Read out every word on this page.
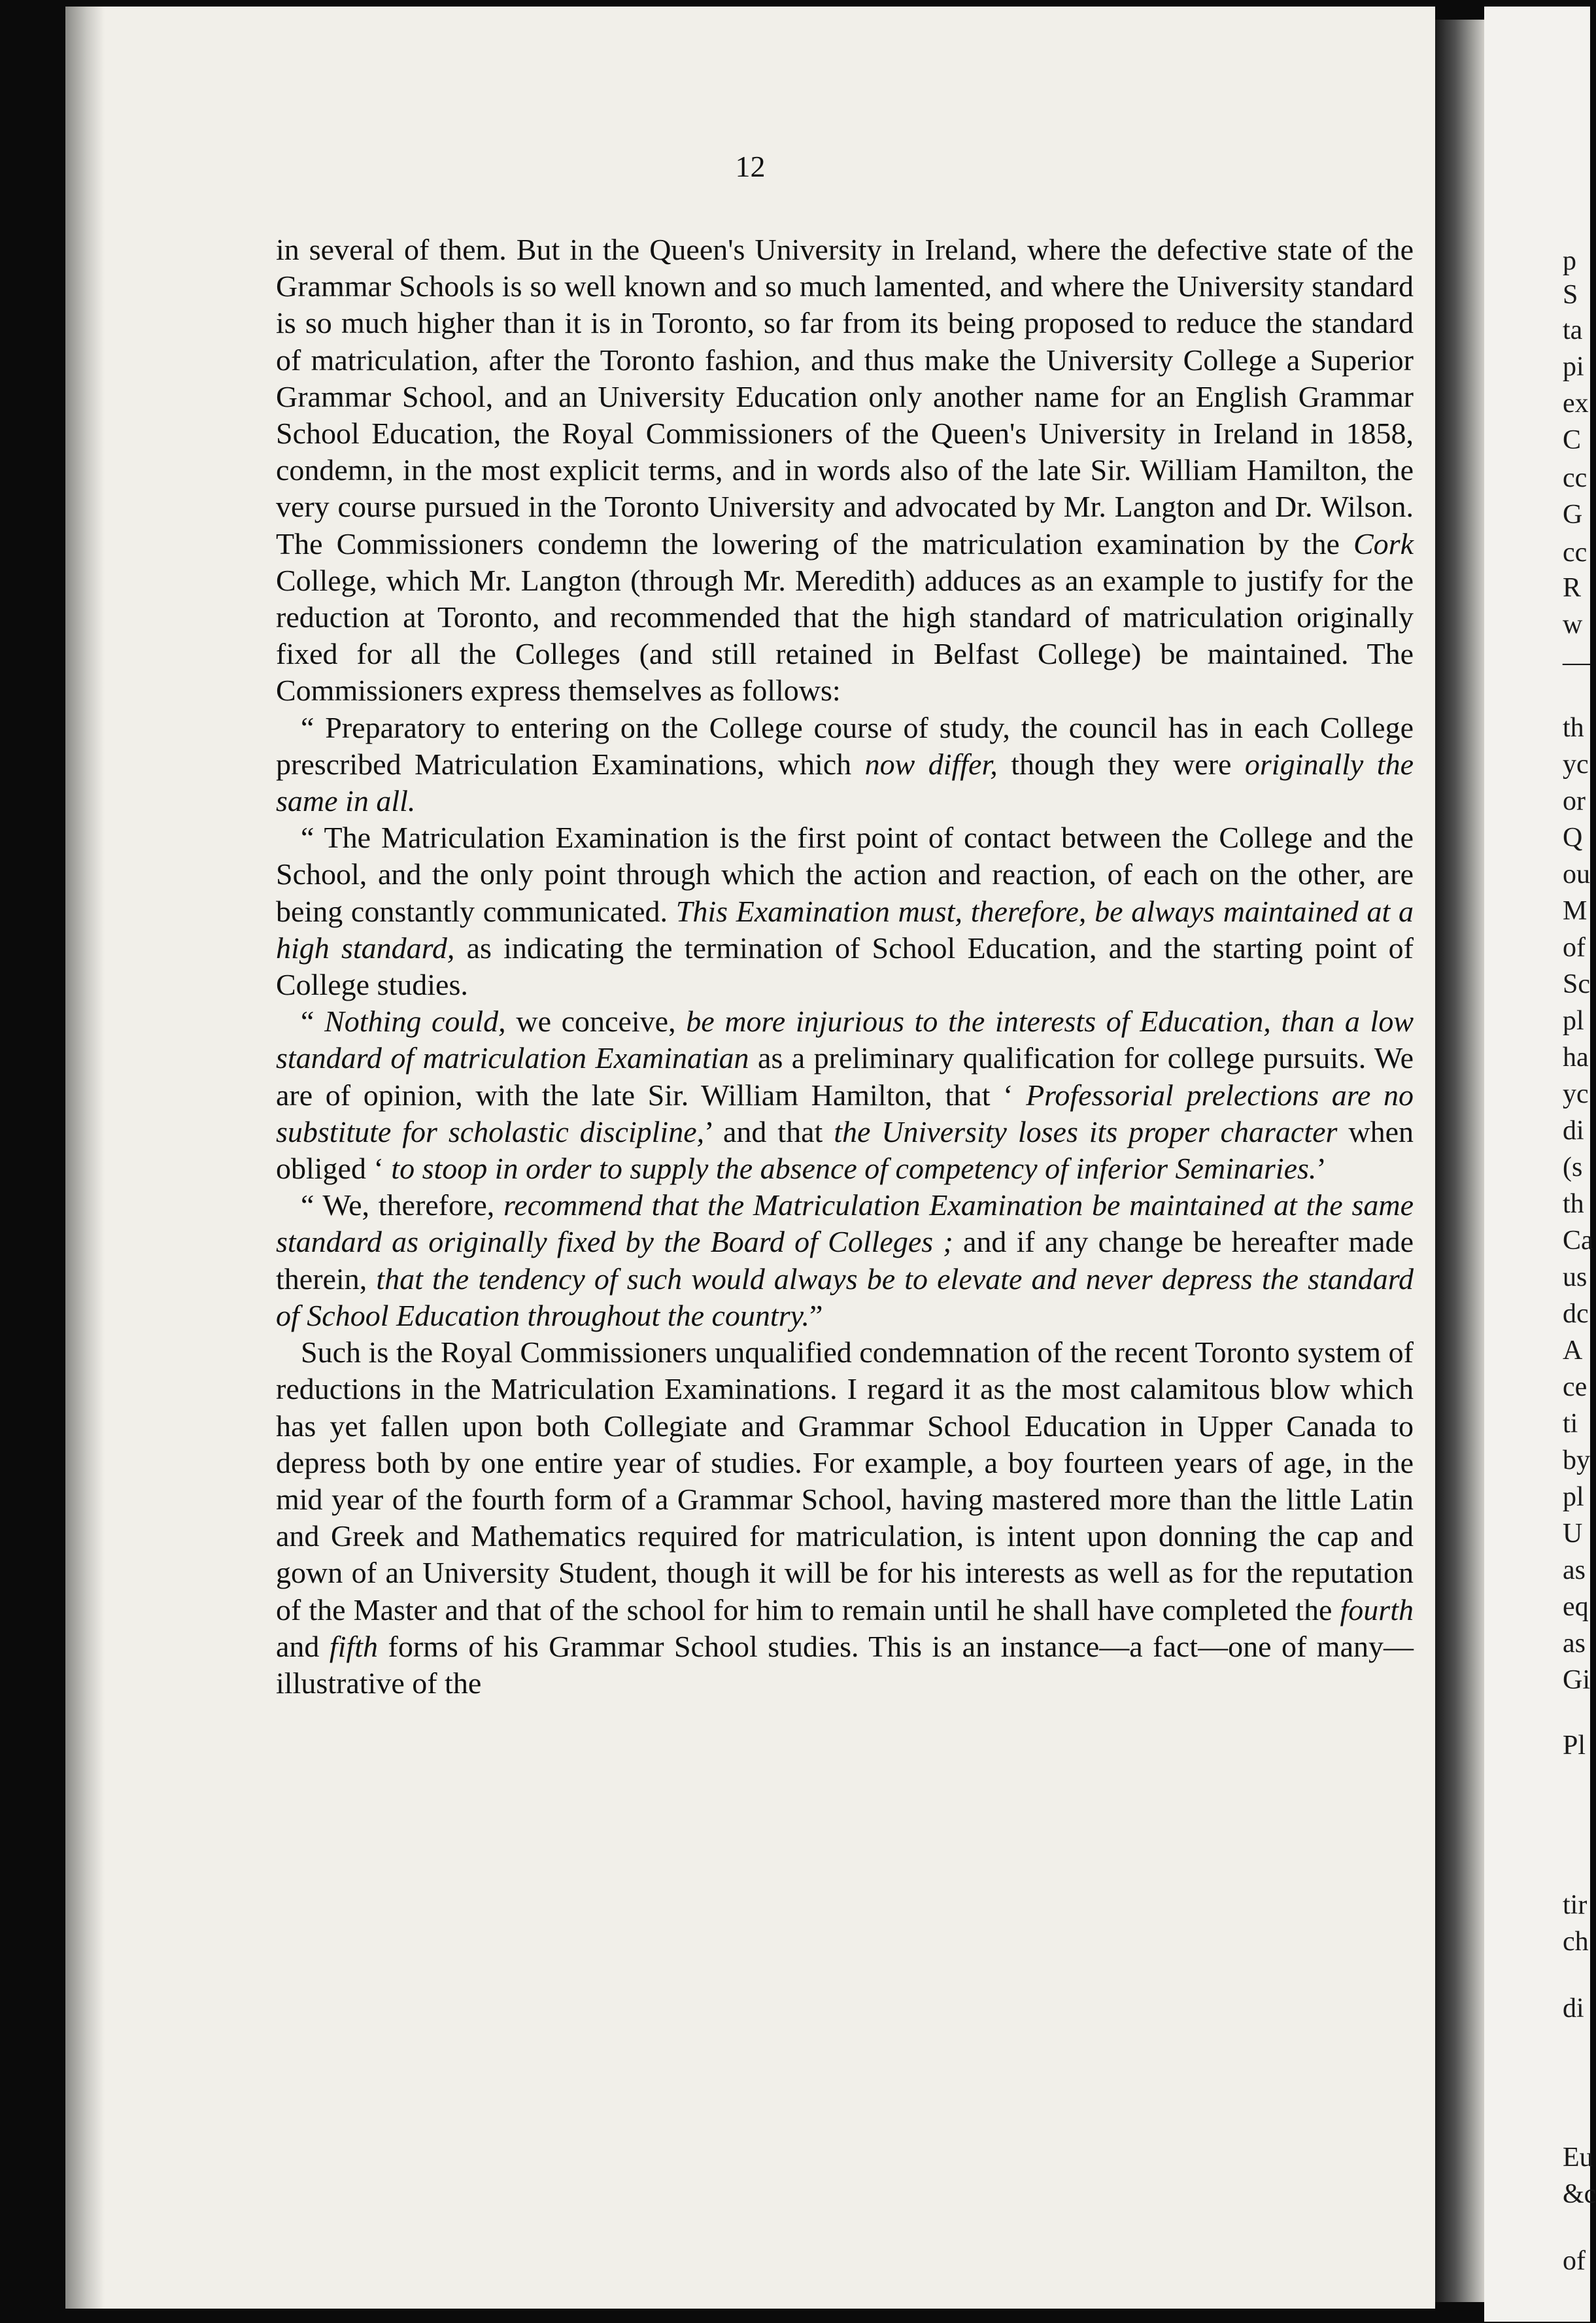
12

in several of them. But in the Queen's University in Ireland, where the defective state of the Grammar Schools is so well known and so much lamented, and where the University standard is so much higher than it is in Toronto, so far from its being proposed to reduce the standard of matriculation, after the Toronto fashion, and thus make the University College a Superior Grammar School, and an University Education only another name for an English Grammar School Education, the Royal Commissioners of the Queen's University in Ireland in 1858, condemn, in the most explicit terms, and in words also of the late Sir. William Hamilton, the very course pursued in the Toronto University and advocated by Mr. Langton and Dr. Wilson. The Commissioners condemn the lowering of the matriculation examination by the Cork College, which Mr. Langton (through Mr. Meredith) adduces as an example to justify for the reduction at Toronto, and recommended that the high standard of matriculation originally fixed for all the Colleges (and still retained in Belfast College) be maintained. The Commissioners express themselves as follows:

“ Preparatory to entering on the College course of study, the council has in each College prescribed Matriculation Examinations, which now differ, though they were originally the same in all.

“ The Matriculation Examination is the first point of contact between the College and the School, and the only point through which the action and reaction, of each on the other, are being constantly communicated. This Examination must, therefore, be always maintained at a high standard, as indicating the termination of School Education, and the starting point of College studies.

“ Nothing could, we conceive, be more injurious to the interests of Education, than a low standard of matriculation Examinatian as a preliminary qualification for college pursuits. We are of opinion, with the late Sir. William Hamilton, that ‘ Professorial prelections are no substitute for scholastic discipline,’ and that the University loses its proper character when obliged ‘ to stoop in order to supply the absence of competency of inferior Seminaries.’

“ We, therefore, recommend that the Matriculation Examination be maintained at the same standard as originally fixed by the Board of Colleges ; and if any change be hereafter made therein, that the tendency of such would always be to elevate and never depress the standard of School Education throughout the country.”

Such is the Royal Commissioners unqualified condemnation of the recent Toronto system of reductions in the Matriculation Examinations. I regard it as the most calamitous blow which has yet fallen upon both Collegiate and Grammar School Education in Upper Canada to depress both by one entire year of studies. For example, a boy fourteen years of age, in the mid year of the fourth form of a Grammar School, having mastered more than the little Latin and Greek and Mathematics required for matriculation, is intent upon donning the cap and gown of an University Student, though it will be for his interests as well as for the reputation of the Master and that of the school for him to remain until he shall have completed the fourth and fifth forms of his Grammar School studies. This is an instance—a fact—one of many—illustrative of the

p
S
ta
pi
ex
C
cc
G
cc
R
w
—
th
yc
or
Q
ou
M
of
Sc
pl
ha
yc
di
(s
th
Ca
us
dc
A
ce
ti
by
pl
U
as
eq
as
Gi
Pl
tir
ch
di
Eu
&c
of
